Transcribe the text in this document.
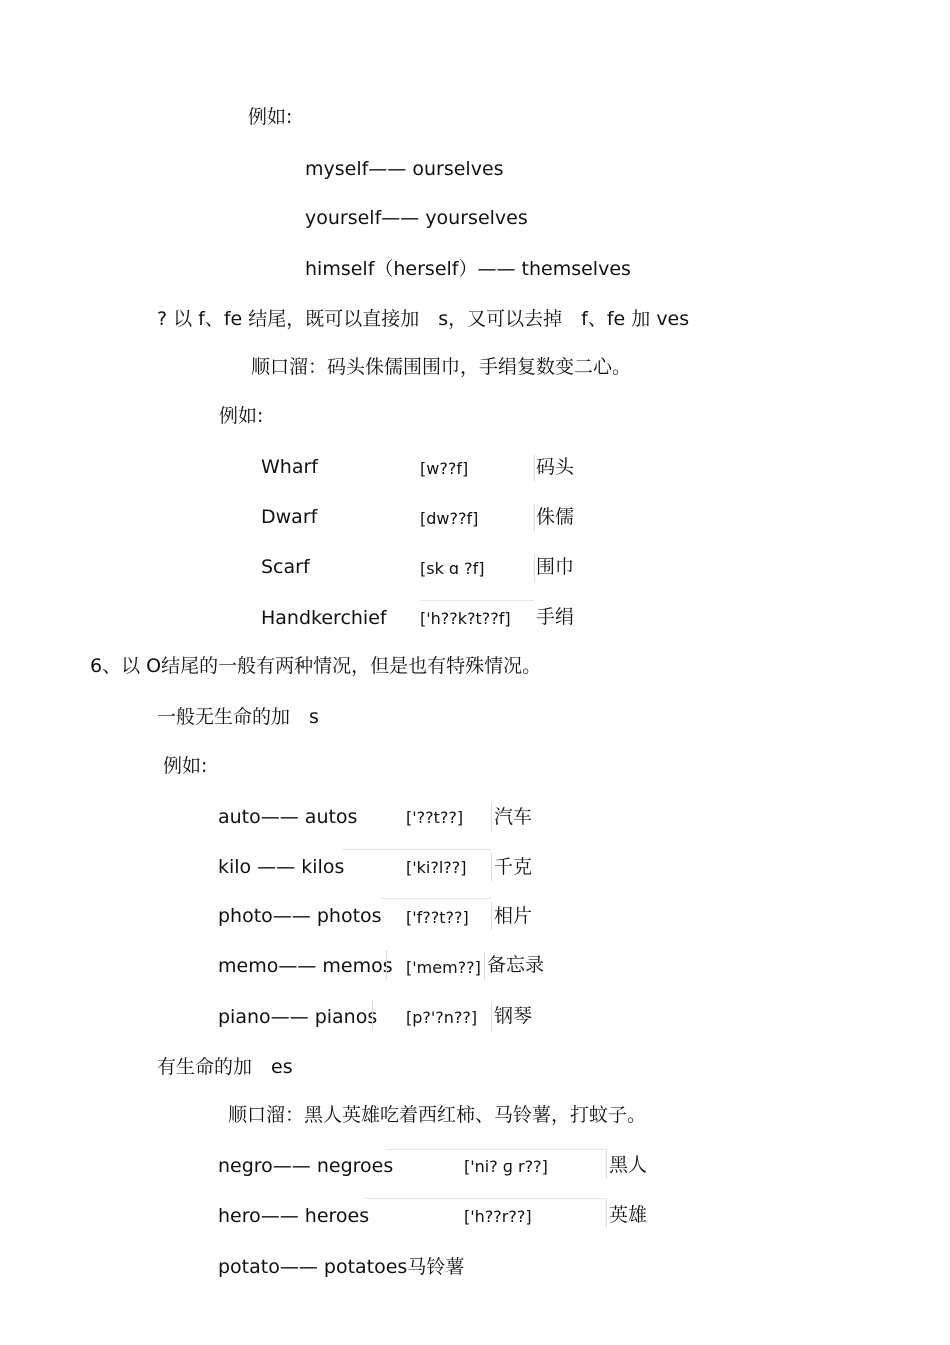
例如:
myself—— ourselves
yourself—— yourselves
himself（herself）—— themselves
? 以 f、fe 结尾，既可以直接加　s，又可以去掉　f、fe 加 ves
顺口溜：码头侏儒围围巾，手绢复数变二心。
例如:
Wharf	[w??f]	码头
Dwarf	[dw??f]	侏儒
Scarf	[sk ɑ ?f]	围巾
Handkerchief ['h??k?t??f] 手绢
6、以 O结尾的一般有两种情况，但是也有特殊情况。
一般无生命的加　s
例如:
auto—— autos	['??t??] 汽车
kilo —— kilos	['ki?l??] 千克
photo—— photos ['f??t??] 相片
memo—— memos ['mem??] 备忘录
piano—— pianos [p?'?n??] 钢琴
有生命的加　es
顺口溜：黑人英雄吃着西红柿、马铃薯，打蚊子。
negro—— negroes	['ni? ɡ r??]	黑人
hero—— heroes	['h??r??]	英雄
potato—— potatoes马铃薯
